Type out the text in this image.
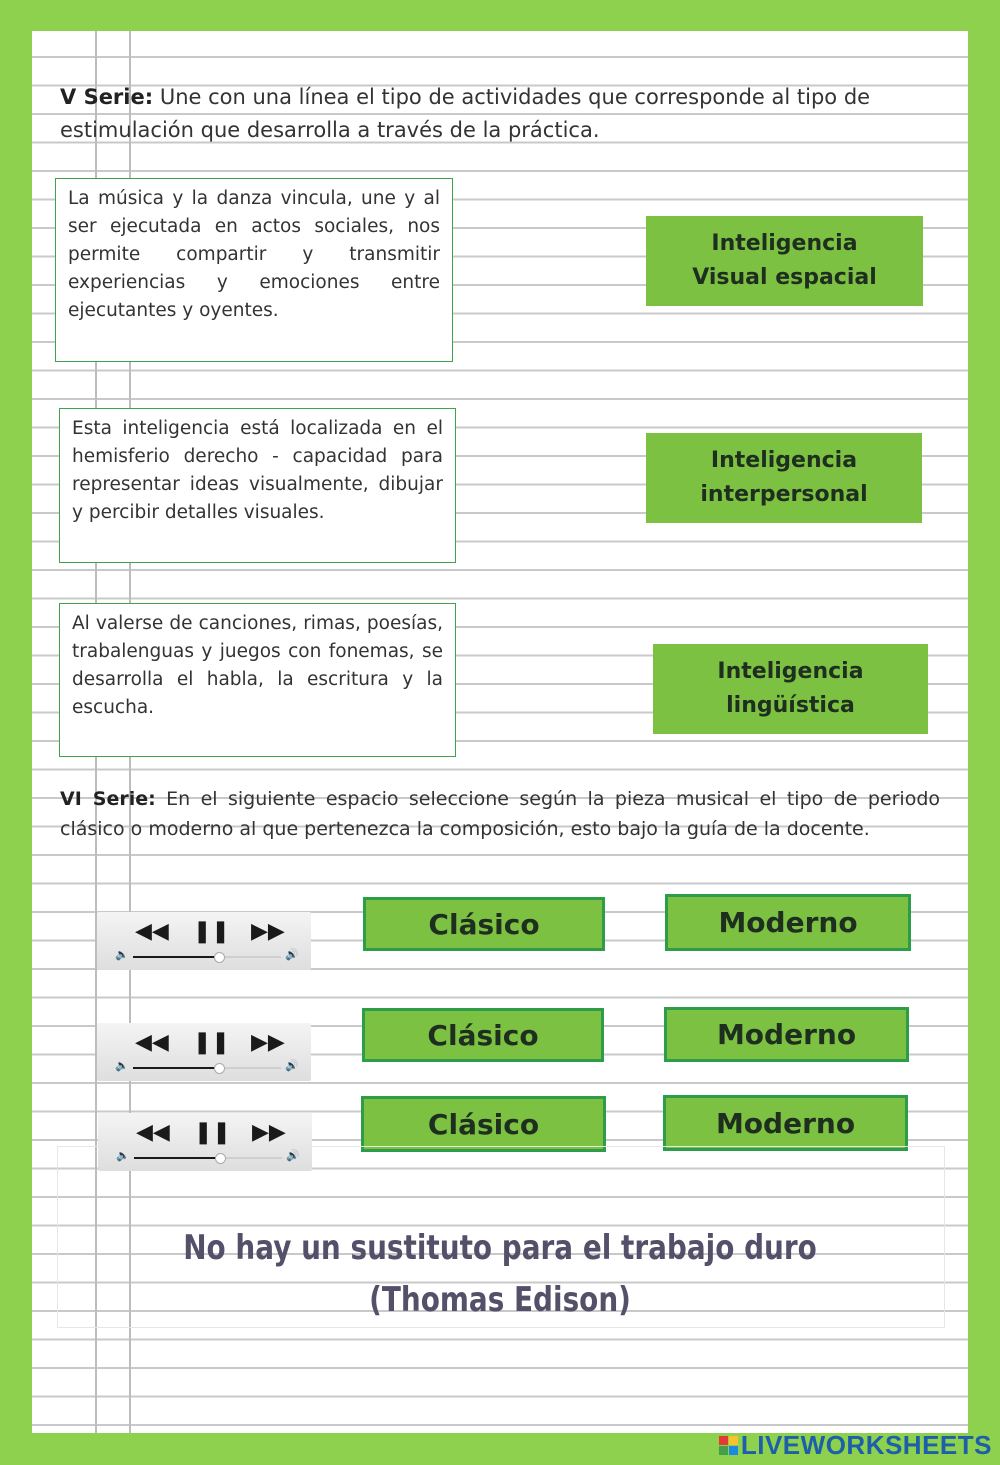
V Serie: Une con una línea el tipo de actividades que corresponde al tipo de estimulación que desarrolla a través de la práctica.

La música y la danza vincula, une y al ser ejecutada en actos sociales, nos permite compartir y transmitir experiencias y emociones entre ejecutantes y oyentes.
Esta inteligencia está localizada en el hemisferio derecho - capacidad para representar ideas visualmente, dibujar y percibir detalles visuales.
Al valerse de canciones, rimas, poesías, trabalenguas y juegos con fonemas, se desarrolla el habla, la escritura y la escucha.
Inteligencia Visual espacial
Inteligencia interpersonal
Inteligencia lingüística

VI Serie: En el siguiente espacio seleccione según la pieza musical el tipo de periodo clásico o moderno al que pertenezca la composición, esto bajo la guía de la docente.

◀◀ ❚❚ ▶▶
🔈	🔊
◀◀ ❚❚ ▶▶
🔈	🔊
◀◀ ❚❚ ▶▶
🔈	🔊
Clásico	Moderno
Clásico	Moderno
Clásico	Moderno
No hay un sustituto para el trabajo duro (Thomas Edison)
LIVEWORKSHEETS
